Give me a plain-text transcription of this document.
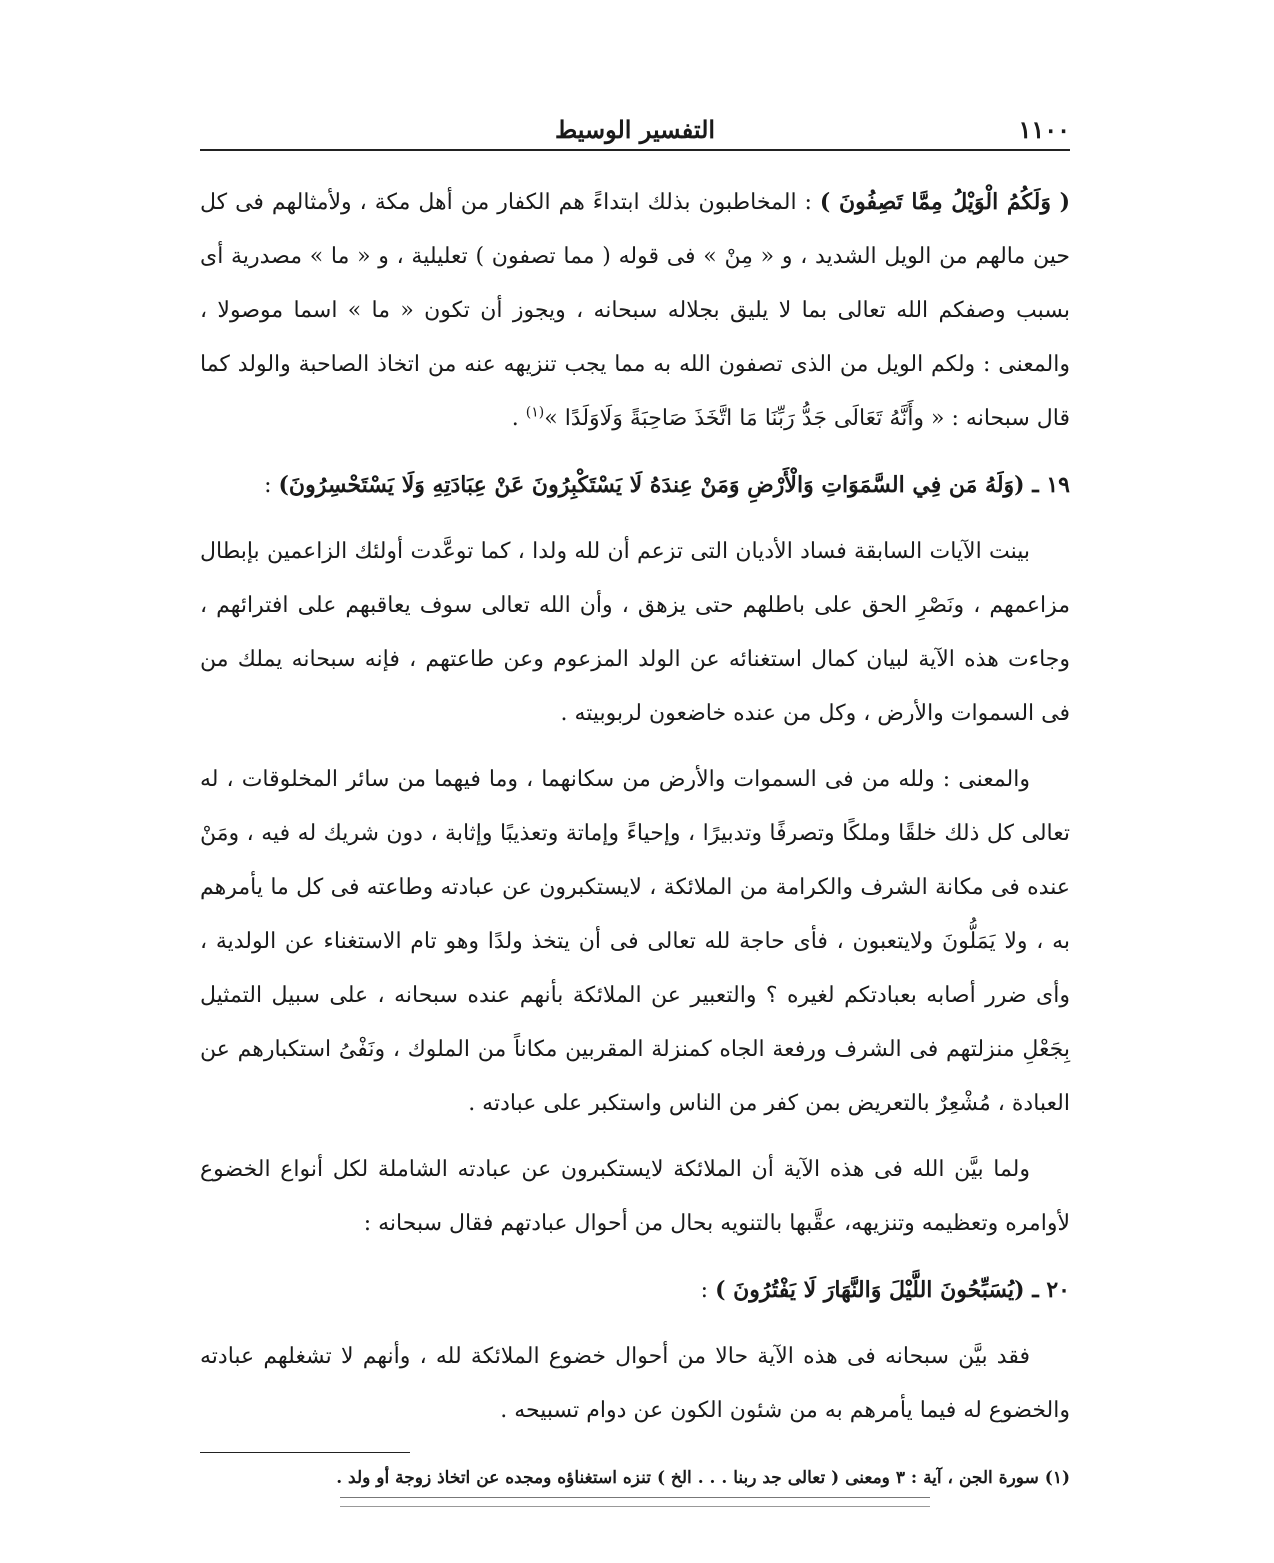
١١٠٠
التفسير الوسيط

( وَلَكُمُ الْوَيْلُ مِمَّا تَصِفُونَ ) : المخاطبون بذلك ابتداءً هم الكفار من أهل مكة ، ولأمثالهم فى كل حين مالهم من الويل الشديد ، و « مِنْ » فى قوله ( مما تصفون ) تعليلية ، و « ما » مصدرية أى بسبب وصفكم الله تعالى بما لا يليق بجلاله سبحانه ، ويجوز أن تكون « ما » اسما موصولا ، والمعنى : ولكم الويل من الذى تصفون الله به مما يجب تنزيهه عنه من اتخاذ الصاحبة والولد كما قال سبحانه : « وأَنَّهُ تَعَالَى جَدُّ رَبِّنَا مَا اتَّخَذَ صَاحِبَةً وَلَاوَلَدًا »$^{(١)}$ .

١٩ ـ (وَلَهُ مَن فِي السَّمَوَاتِ وَالْأَرْضِ وَمَنْ عِندَهُ لَا يَسْتَكْبِرُونَ عَنْ عِبَادَتِهِ وَلَا يَسْتَحْسِرُونَ) :

بينت الآيات السابقة فساد الأديان التى تزعم أن لله ولدا ، كما توعَّدت أولئك الزاعمين بإبطال مزاعمهم ، ونَصْرِ الحق على باطلهم حتى يزهق ، وأن الله تعالى سوف يعاقبهم على افترائهم ، وجاءت هذه الآية لبيان كمال استغنائه عن الولد المزعوم وعن طاعتهم ، فإنه سبحانه يملك من فى السموات والأرض ، وكل من عنده خاضعون لربوبيته .

والمعنى : ولله من فى السموات والأرض من سكانهما ، وما فيهما من سائر المخلوقات ، له تعالى كل ذلك خلقًا وملكًا وتصرفًا وتدبيرًا ، وإحياءً وإماتة وتعذيبًا وإثابة ، دون شريك له فيه ، ومَنْ عنده فى مكانة الشرف والكرامة من الملائكة ، لايستكبرون عن عبادته وطاعته فى كل ما يأمرهم به ، ولا يَمَلُّونَ ولايتعبون ، فأى حاجة لله تعالى فى أن يتخذ ولدًا وهو تام الاستغناء عن الولدية ، وأى ضرر أصابه بعبادتكم لغيره ؟ والتعبير عن الملائكة بأنهم عنده سبحانه ، على سبيل التمثيل بِجَعْلِ منزلتهم فى الشرف ورفعة الجاه كمنزلة المقربين مكاناً من الملوك ، ونَفْىُ استكبارهم عن العبادة ، مُشْعِرٌ بالتعريض بمن كفر من الناس واستكبر على عبادته .

ولما بيَّن الله فى هذه الآية أن الملائكة لايستكبرون عن عبادته الشاملة لكل أنواع الخضوع لأوامره وتعظيمه وتنزيهه، عقَّبها بالتنويه بحال من أحوال عبادتهم فقال سبحانه :

٢٠ ـ (يُسَبِّحُونَ اللَّيْلَ وَالنَّهَارَ لَا يَفْتُرُونَ ) :

فقد بيَّن سبحانه فى هذه الآية حالا من أحوال خضوع الملائكة لله ، وأنهم لا تشغلهم عبادته والخضوع له فيما يأمرهم به من شئون الكون عن دوام تسبيحه .

(١) سورة الجن ، آية : ٣ ومعنى ( تعالى جد ربنا . . . الخ ) تنزه استغناؤه ومجده عن اتخاذ زوجة أو ولد .
